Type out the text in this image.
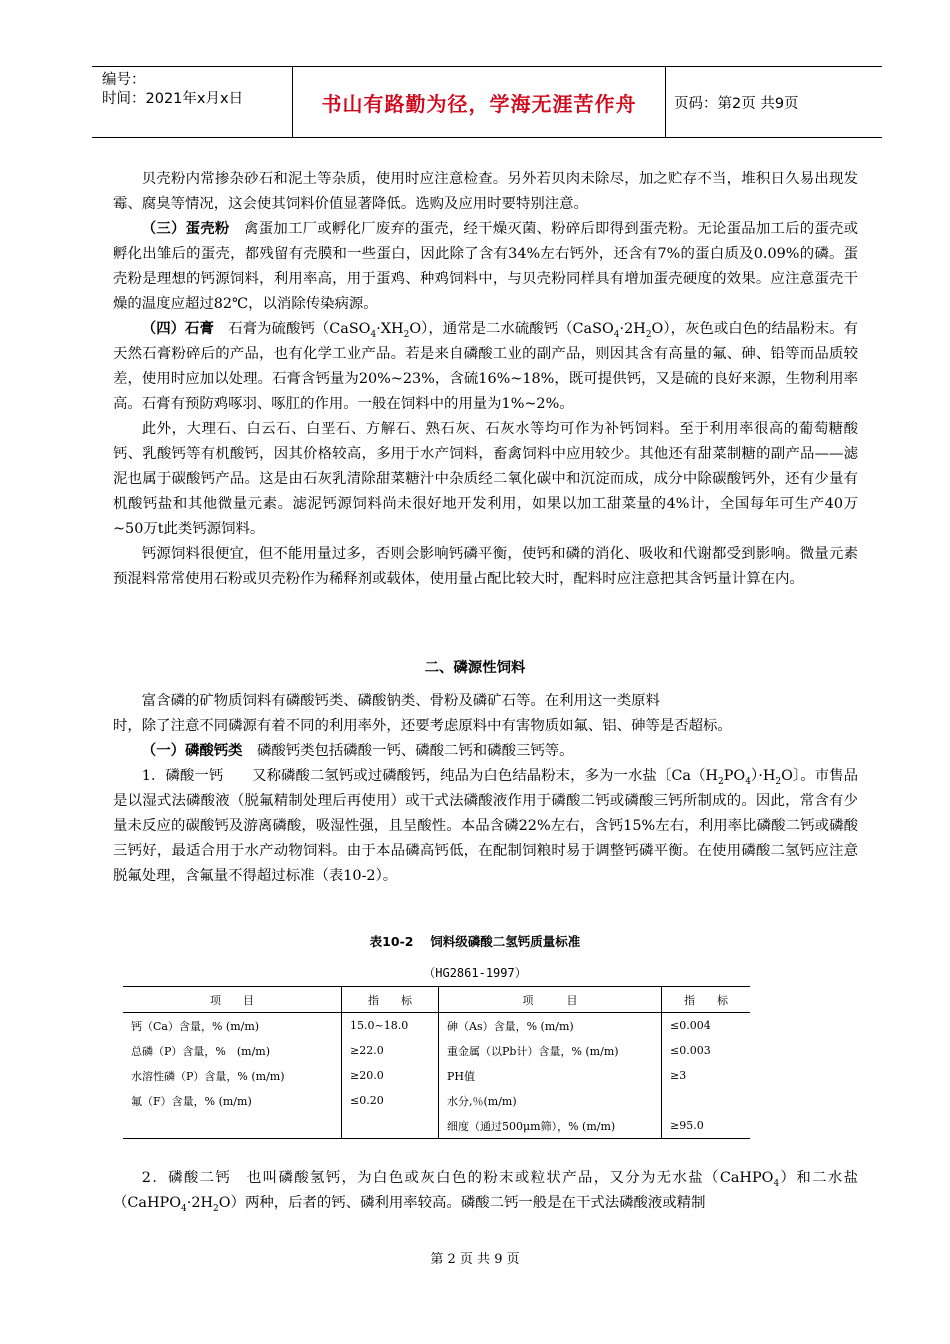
编号：
时间：2021年x月x日	书山有路勤为径，学海无涯苦作舟	页码：第2页 共9页

贝壳粉内常掺杂砂石和泥土等杂质，使用时应注意检查。另外若贝肉未除尽，加之贮存不当，堆积日久易出现发霉、腐臭等情况，这会使其饲料价值显著降低。选购及应用时要特别注意。

（三）蛋壳粉  禽蛋加工厂或孵化厂废弃的蛋壳，经干燥灭菌、粉碎后即得到蛋壳粉。无论蛋品加工后的蛋壳或孵化出雏后的蛋壳，都残留有壳膜和一些蛋白，因此除了含有34%左右钙外，还含有7%的蛋白质及0.09%的磷。蛋壳粉是理想的钙源饲料，利用率高，用于蛋鸡、种鸡饲料中，与贝壳粉同样具有增加蛋壳硬度的效果。应注意蛋壳干燥的温度应超过82℃，以消除传染病源。

（四）石膏  石膏为硫酸钙$(CaSO_4\cdot XH_2O)$，通常是二水硫酸钙$(CaSO_4\cdot 2H_2O)$，灰色或白色的结晶粉末。有天然石膏粉碎后的产品，也有化学工业产品。若是来自磷酸工业的副产品，则因其含有高量的氟、砷、铅等而品质较差，使用时应加以处理。石膏含钙量为20%~23%，含硫16%~18%，既可提供钙，又是硫的良好来源，生物利用率高。石膏有预防鸡啄羽、啄肛的作用。一般在饲料中的用量为1%~2%。

此外，大理石、白云石、白垩石、方解石、熟石灰、石灰水等均可作为补钙饲料。至于利用率很高的葡萄糖酸钙、乳酸钙等有机酸钙，因其价格较高，多用于水产饲料，畜禽饲料中应用较少。其他还有甜菜制糖的副产品——滤泥也属于碳酸钙产品。这是由石灰乳清除甜菜糖汁中杂质经二氧化碳中和沉淀而成，成分中除碳酸钙外，还有少量有机酸钙盐和其他微量元素。滤泥钙源饲料尚未很好地开发利用，如果以加工甜菜量的4%计，全国每年可生产40万~50万t此类钙源饲料。

钙源饲料很便宜，但不能用量过多，否则会影响钙磷平衡，使钙和磷的消化、吸收和代谢都受到影响。微量元素预混料常常使用石粉或贝壳粉作为稀释剂或载体，使用量占配比较大时，配料时应注意把其含钙量计算在内。

二、磷源性饲料

富含磷的矿物质饲料有磷酸钙类、磷酸钠类、骨粉及磷矿石等。在利用这一类原料

时，除了注意不同磷源有着不同的利用率外，还要考虑原料中有害物质如氟、铝、砷等是否超标。

（一）磷酸钙类  磷酸钙类包括磷酸一钙、磷酸二钙和磷酸三钙等。

1．磷酸一钙   又称磷酸二氢钙或过磷酸钙，纯品为白色结晶粉末，多为一水盐〔$Ca(H_2PO_4)\cdot H_2O$〕。市售品是以湿式法磷酸液（脱氟精制处理后再使用）或干式法磷酸液作用于磷酸二钙或磷酸三钙所制成的。因此，常含有少量未反应的碳酸钙及游离磷酸，吸湿性强，且呈酸性。本品含磷22%左右，含钙15%左右，利用率比磷酸二钙或磷酸三钙好，最适合用于水产动物饲料。由于本品磷高钙低，在配制饲粮时易于调整钙磷平衡。在使用磷酸二氢钙应注意脱氟处理，含氟量不得超过标准（表10-2）。

表10-2　 饲料级磷酸二氢钙质量标准
（HG2861-1997）
项　　目	指　　标	项　　　目	指　　标
钙（Ca）含量，% (m/m)	15.0~18.0	砷（As）含量，% (m/m)	≤0.004
总磷（P）含量，%　(m/m)	≥22.0	重金属（以Pb计）含量，% (m/m)	≤0.003
水溶性磷（P）含量，% (m/m)	≥20.0	PH值	≥3
氟（F）含量，% (m/m)	≤0.20	水分,％(m/m)	
		细度（通过500μm筛），% (m/m)	≥95.0

2．磷酸二钙  也叫磷酸氢钙，为白色或灰白色的粉末或粒状产品，又分为无水盐（CaHPO$_4$）和二水盐$(CaHPO_4\cdot 2H_2O)$两种，后者的钙、磷利用率较高。磷酸二钙一般是在干式法磷酸液或精制

第 2 页 共 9 页
